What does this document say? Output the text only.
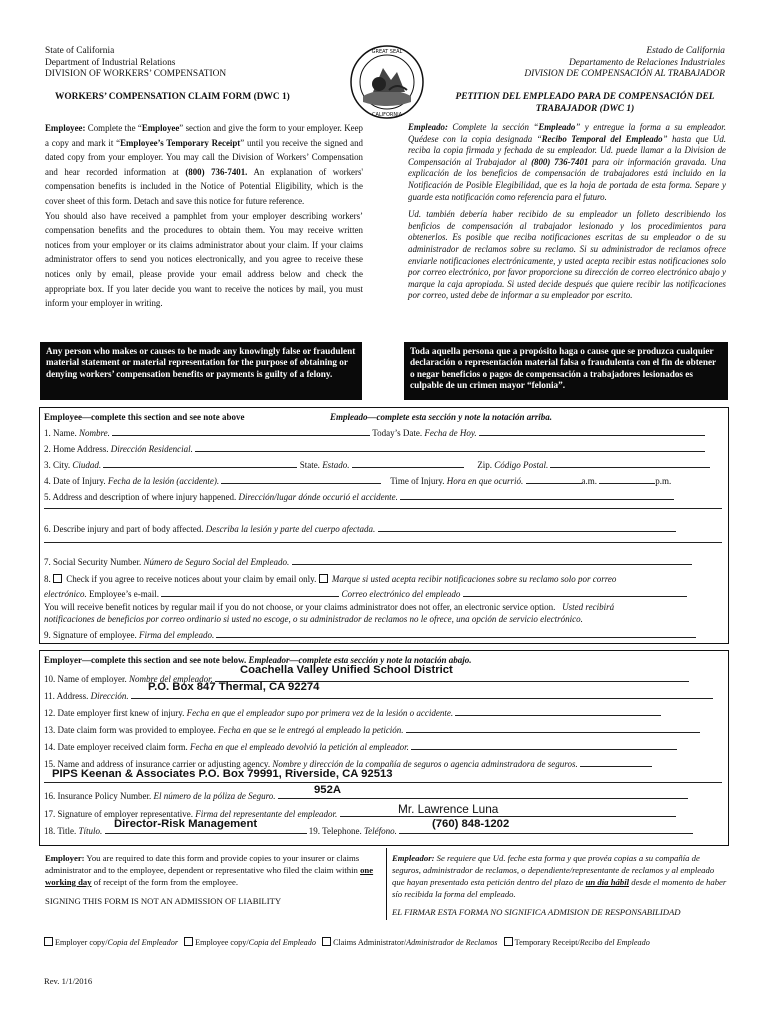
State of California
Department of Industrial Relations
DIVISION OF WORKERS’ COMPENSATION
GREAT SEAL
CALIFORNIA
Estado de California
Departamento de Relaciones Industriales
DIVISION DE COMPENSACIÓN AL TRABAJADOR
WORKERS’ COMPENSATION CLAIM FORM (DWC 1)	PETITION DEL EMPLEADO PARA DE COMPENSACIÓN DEL
TRABAJADOR (DWC 1)
Employee: Complete the “Employee” section and give the form to your employer. Keep a copy and mark it “Employee’s Temporary Receipt” until you receive the signed and dated copy from your employer. You may call the Division of Workers’ Compensation and hear recorded information at (800) 736-7401. An explanation of workers' compensation benefits is included in the Notice of Potential Eligibility, which is the cover sheet of this form. Detach and save this notice for future reference.
You should also have received a pamphlet from your employer describing workers’ compensation benefits and the procedures to obtain them. You may receive written notices from your employer or its claims administrator about your claim. If your claims administrator offers to send you notices electronically, and you agree to receive these notices only by email, please provide your email address below and check the appropriate box. If you later decide you want to receive the notices by mail, you must inform your employer in writing.
Empleado: Complete la sección “Empleado” y entregue la forma a su empleador. Quédese con la copia designada “Recibo Temporal del Empleado” hasta que Ud. reciba la copia firmada y fechada de su empleador. Ud. puede llamar a la Division de Compensación al Trabajador al (800) 736-7401 para oir información gravada. Una explicación de los beneficios de compensación de trabajadores está incluido en la Notificación de Posible Elegibilidad, que es la hoja de portada de esta forma. Separe y guarde esta notificación como referencia para el futuro.
Ud. también debería haber recibido de su empleador un folleto describiendo los benficios de compensación al trabajador lesionado y los procedimientos para obtenerlos. Es posible que reciba notificaciones escritas de su empleador o de su administrador de reclamos sobre su reclamo. Si su administrador de reclamos ofrece enviarle notificaciones electrónicamente, y usted acepta recibir estas notificaciones solo por correo electrónico, por favor proporcione su dirección de correo electrónico abajo y marque la caja apropiada. Si usted decide después que quiere recibir las notificaciones por correo, usted debe de informar a su empleador por escrito.
Any person who makes or causes to be made any knowingly false or fraudulent material statement or material representation for the purpose of obtaining or denying workers’ compensation benefits or payments is guilty of a felony.
Toda aquella persona que a propósito haga o cause que se produzca cualquier declaración o representación material falsa o fraudulenta con el fin de obtener o negar beneficios o pagos de compensación a trabajadores lesionados es culpable de un crimen mayor “felonia”.
Employee—complete this section and see note above	Empleado—complete esta sección y note la notación arriba.
1. Name. Nombre.	Today’s Date. Fecha de Hoy.
2. Home Address. Dirección Residencial.
3. City. Ciudad.	State. Estado.	Zip. Código Postal.
4. Date of Injury. Fecha de la lesión (accidente).	Time of Injury. Hora en que ocurrió.	a.m.	p.m.
5. Address and description of where injury happened. Dirección/lugar dónde occurió el accidente.
6. Describe injury and part of body affected. Describa la lesión y parte del cuerpo afectada.
7. Social Security Number. Número de Seguro Social del Empleado.
8.  Check if you agree to receive notices about your claim by email only.  Marque si usted acepta recibir notificaciones sobre su reclamo solo por correo
electrónico. Employee’s e-mail.	Correo electrónico del empleado
You will receive benefit notices by regular mail if you do not choose, or your claims administrator does not offer, an electronic service option. Usted recibirá
notificaciones de beneficios por correo ordinario si usted no escoge, o su administrador de reclamos no le ofrece, una opción de servicio electrónico.
9. Signature of employee. Firma del empleado.
Employer—complete this section and see note below. Empleador—complete esta sección y note la notación abajo.
10. Name of employer. Nombre del empleador.
Coachella Valley Unified School District
11. Address. Dirección.
P.O. Box 847 Thermal, CA 92274
12. Date employer first knew of injury. Fecha en que el empleador supo por primera vez de la lesión o accidente.
13. Date claim form was provided to employee. Fecha en que se le entregó al empleado la petición.
14. Date employer received claim form. Fecha en que el empleado devolvió la petición al empleador.
15. Name and address of insurance carrier or adjusting agency. Nombre y dirección de la compañía de seguros o agencia adminstradora de seguros.
PIPS Keenan & Associates P.O. Box 79991, Riverside, CA 92513
16. Insurance Policy Number. El número de la póliza de Seguro.	952A
17. Signature of employer representative. Firma del representante del empleador.	Mr. Lawrence Luna
18. Title. Título.	19. Telephone. Teléfono.
Director-Risk Management	(760) 848-1202
Employer: You are required to date this form and provide copies to your insurer or claims administrator and to the employee, dependent or representative who filed the claim within one working day of receipt of the form from the employee.
SIGNING THIS FORM IS NOT AN ADMISSION OF LIABILITY
Empleador: Se requiere que Ud. feche esta forma y que provéa copias a su compañía de seguros, administrador de reclamos, o dependiente/representante de reclamos y al empleado que hayan presentado esta petición dentro del plazo de un día hábil desde el momento de haber sío recibida la forma del empleado.
EL FIRMAR ESTA FORMA NO SIGNIFICA ADMISION DE RESPONSABILIDAD
Employer copy/Copia del Empleador Employee copy/Copia del Empleado Claims Administrator/Administrador de Reclamos Temporary Receipt/Recibo del Empleado
Rev. 1/1/2016
